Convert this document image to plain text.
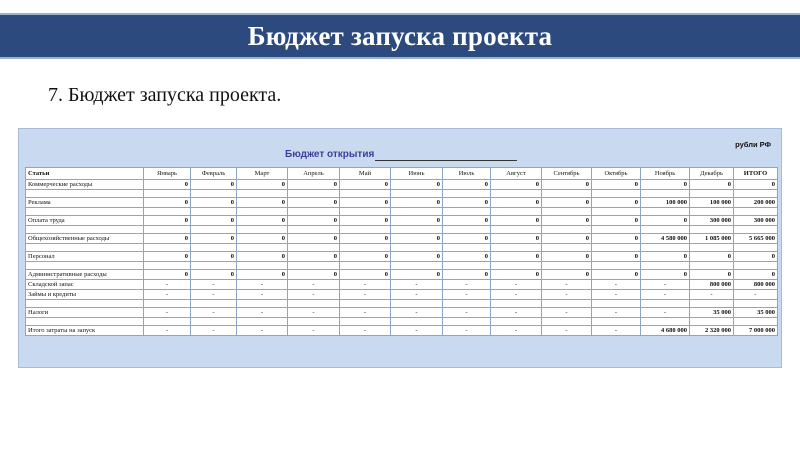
Бюджет запуска проекта
7. Бюджет запуска проекта.
рубли РФ
Бюджет открытия
Статьи	Январь	Февраль	Март	Апрель	Май	Июнь	Июль	Август	Сентябрь	Октябрь	Ноябрь	Декабрь	ИТОГО
Коммерческие расходы	0	0	0	0	0	0	0	0	0	0	0	0	0

Реклама	0	0	0	0	0	0	0	0	0	0	100 000	100 000	200 000

Оплата труда	0	0	0	0	0	0	0	0	0	0	0	300 000	300 000

Общехозяйственные расходы	0	0	0	0	0	0	0	0	0	0	4 580 000	1 085 000	5 665 000

Персонал	0	0	0	0	0	0	0	0	0	0	0	0	0

Административные расходы	0	0	0	0	0	0	0	0	0	0	0	0	0
Складской запас	-	-	-	-	-	-	-	-	-	-	-	800 000	800 000
Займы и кредиты	-	-	-	-	-	-	-	-	-	-	-	-	-

Налоги	-	-	-	-	-	-	-	-	-	-	-	35 000	35 000

Итого затраты на запуск	-	-	-	-	-	-	-	-	-	-	4 680 000	2 320 000	7 000 000
